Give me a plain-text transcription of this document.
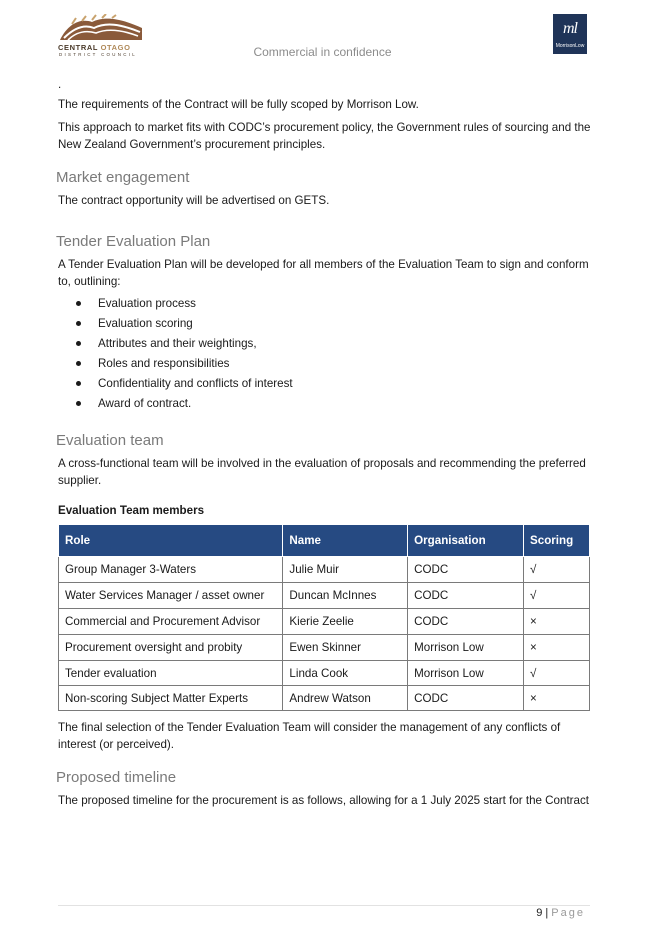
CENTRAL OTAGO
DISTRICT COUNCIL	Commercial in confidence
ml
MorrisonLow
.
The requirements of the Contract will be fully scoped by Morrison Low.
This approach to market fits with CODC’s procurement policy, the Government rules of sourcing and the New Zealand Government’s procurement principles.
Market engagement
The contract opportunity will be advertised on GETS.
Tender Evaluation Plan
A Tender Evaluation Plan will be developed for all members of the Evaluation Team to sign and conform to, outlining:
Evaluation process
Evaluation scoring
Attributes and their weightings,
Roles and responsibilities
Confidentiality and conflicts of interest
Award of contract.
Evaluation team
A cross-functional team will be involved in the evaluation of proposals and recommending the preferred supplier.
Evaluation Team members
Role	Name	Organisation	Scoring
Group Manager 3-Waters	Julie Muir	CODC	√
Water Services Manager / asset owner	Duncan McInnes	CODC	√
Commercial and Procurement Advisor	Kierie Zeelie	CODC	×
Procurement oversight and probity	Ewen Skinner	Morrison Low	×
Tender evaluation	Linda Cook	Morrison Low	√
Non-scoring Subject Matter Experts	Andrew Watson	CODC	×
The final selection of the Tender Evaluation Team will consider the management of any conflicts of interest (or perceived).
Proposed timeline
The proposed timeline for the procurement is as follows, allowing for a 1 July 2025 start for the Contract
9 | Page
